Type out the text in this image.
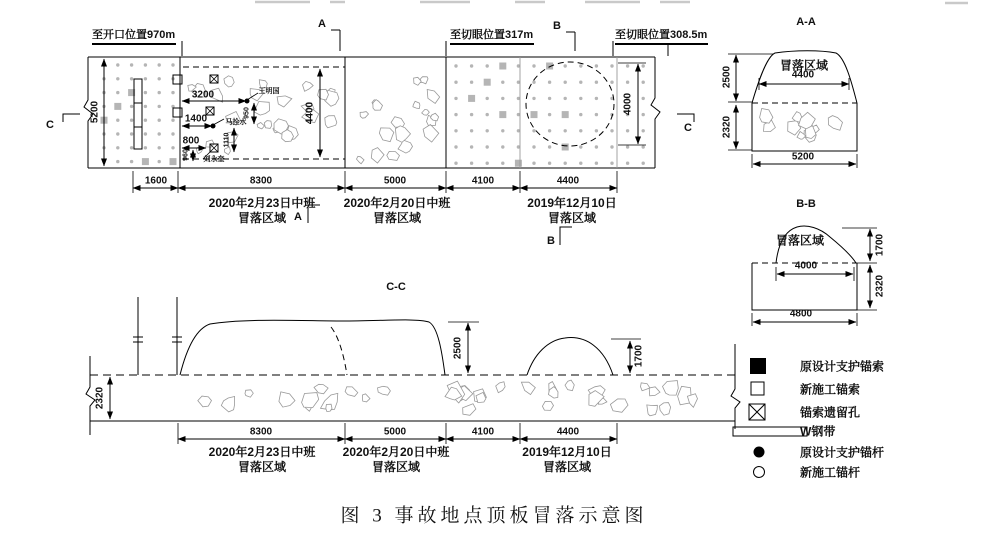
至开口位置970m	至切眼位置317m	至切眼位置308.5m
A	B
A
B
C	C
5200	4400	4000
3200
1400
800
950
1110
960
王明国
马拴水
刘永奎
1600	8300	5000	4100	4400
2020年2月23日中班
冒落区域
2020年2月20日中班
冒落区域
2019年12月10日
冒落区域
A-A
冒落区域
4400
2500
2320
5200
B-B
冒落区域
4000
1700
2320
4800
C-C
2320
2500	1700
8300	5000	4100	4400
2020年2月23日中班
冒落区域
2020年2月20日中班
冒落区域
2019年12月10日
冒落区域
原设计支护锚索
新施工锚索
锚索遗留孔
W钢带
原设计支护锚杆
新施工锚杆
图 3 事故地点顶板冒落示意图
